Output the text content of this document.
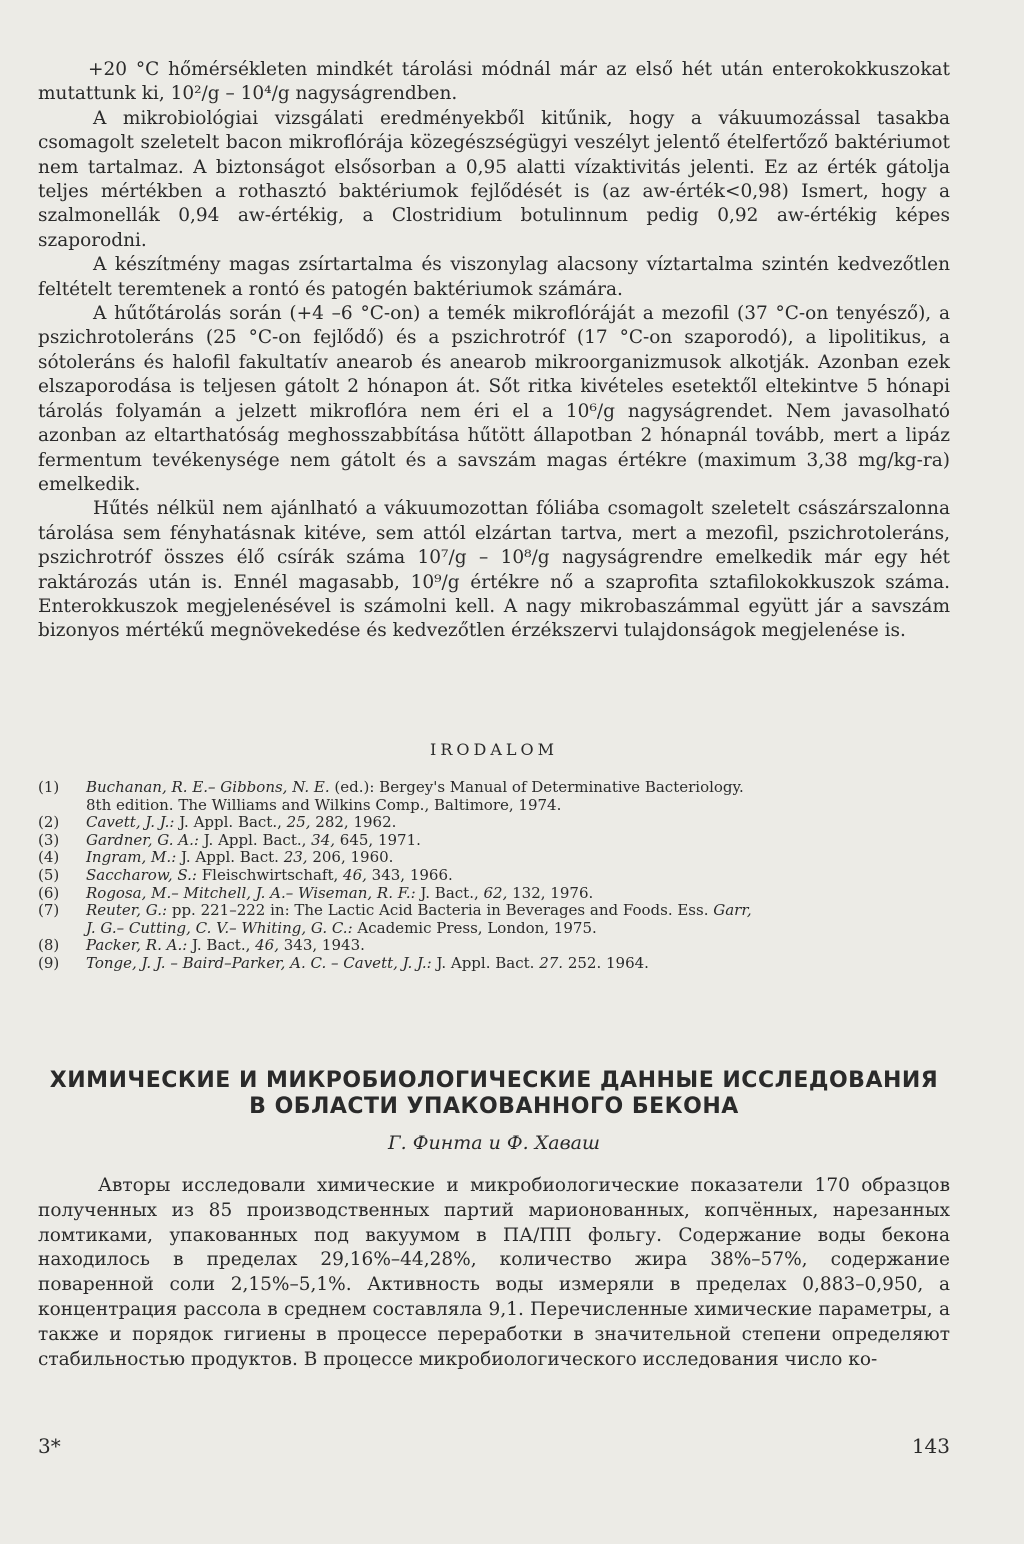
+20 °C hőmérsékleten mindkét tárolási módnál már az első hét után enterokokkuszokat mutattunk ki, 10²/g – 10⁴/g nagyságrendben.

A mikrobiológiai vizsgálati eredményekből kitűnik, hogy a vákuumozással tasakba csomagolt szeletelt bacon mikroflórája közegészségügyi veszélyt jelentő ételfertőző baktériumot nem tartalmaz. A biztonságot elsősorban a 0,95 alatti vízaktivitás jelenti. Ez az érték gátolja teljes mértékben a rothasztó baktériumok fejlődését is (az aw-érték<0,98) Ismert, hogy a szalmonellák 0,94 aw-értékig, a Clostridium botulinnum pedig 0,92 aw-értékig képes szaporodni.

A készítmény magas zsírtartalma és viszonylag alacsony víztartalma szintén kedvezőtlen feltételt teremtenek a rontó és patogén baktériumok számára.

A hűtőtárolás során (+4 –6 °C-on) a temék mikroflóráját a mezofil (37 °C-on tenyésző), a pszichrotoleráns (25 °C-on fejlődő) és a pszichrotróf (17 °C-on szaporodó), a lipolitikus, a sótoleráns és halofil fakultatív anearob és anearob mikroorganizmusok alkotják. Azonban ezek elszaporodása is teljesen gátolt 2 hónapon át. Sőt ritka kivételes esetektől eltekintve 5 hónapi tárolás folyamán a jelzett mikroflóra nem éri el a 10⁶/g nagyságrendet. Nem javasolható azonban az eltarthatóság meghosszabbítása hűtött állapotban 2 hónapnál tovább, mert a lipáz fermentum tevékenysége nem gátolt és a savszám magas értékre (maximum 3,38 mg/kg-ra) emelkedik.

Hűtés nélkül nem ajánlható a vákuumozottan fóliába csomagolt szeletelt császárszalonna tárolása sem fényhatásnak kitéve, sem attól elzártan tartva, mert a mezofil, pszichrotoleráns, pszichrotróf összes élő csírák száma 10⁷/g – 10⁸/g nagyságrendre emelkedik már egy hét raktározás után is. Ennél magasabb, 10⁹/g értékre nő a szaprofita sztafilokokkuszok száma. Enterokkuszok megjelenésével is számolni kell. A nagy mikrobaszámmal együtt jár a savszám bizonyos mértékű megnövekedése és kedvezőtlen érzékszervi tulajdonságok megjelenése is.

IRODALOM
(1)	Buchanan, R. E.– Gibbons, N. E. (ed.): Bergey's Manual of Determinative Bacteriology.
8th edition. The Williams and Wilkins Comp., Baltimore, 1974.
(2)	Cavett, J. J.: J. Appl. Bact., 25, 282, 1962.
(3)	Gardner, G. A.: J. Appl. Bact., 34, 645, 1971.
(4)	Ingram, M.: J. Appl. Bact. 23, 206, 1960.
(5)	Saccharow, S.: Fleischwirtschaft, 46, 343, 1966.
(6)	Rogosa, M.– Mitchell, J. A.– Wiseman, R. F.: J. Bact., 62, 132, 1976.
(7)	Reuter, G.: pp. 221–222 in: The Lactic Acid Bacteria in Beverages and Foods. Ess. Garr,
J. G.– Cutting, C. V.– Whiting, G. C.: Academic Press, London, 1975.
(8)	Packer, R. A.: J. Bact., 46, 343, 1943.
(9)	Tonge, J. J. – Baird–Parker, A. C. – Cavett, J. J.: J. Appl. Bact. 27. 252. 1964.
ХИМИЧЕСКИЕ И МИКРОБИОЛОГИЧЕСКИЕ ДАННЫЕ ИССЛЕДОВАНИЯ В ОБЛАСТИ УПАКОВАННОГО БЕКОНА
Г. Финта и Ф. Хаваш

Авторы исследовали химические и микробиологические показатели 170 образцов полученных из 85 производственных партий марионованных, копчённых, нарезанных ломтиками, упакованных под вакуумом в ПА/ПП фольгу. Содержание воды бекона находилось в пределах 29,16%–44,28%, количество жира 38%–57%, содержание поваренной соли 2,15%–5,1%. Активность воды измеряли в пределах 0,883–0,950, а концентрация рассола в среднем составляла 9,1. Перечисленные химические параметры, а также и порядок гигиены в процессе переработки в значительной степени определяют стабильностью продуктов. В процессе микробиологического исследования число ко-

3*	143
